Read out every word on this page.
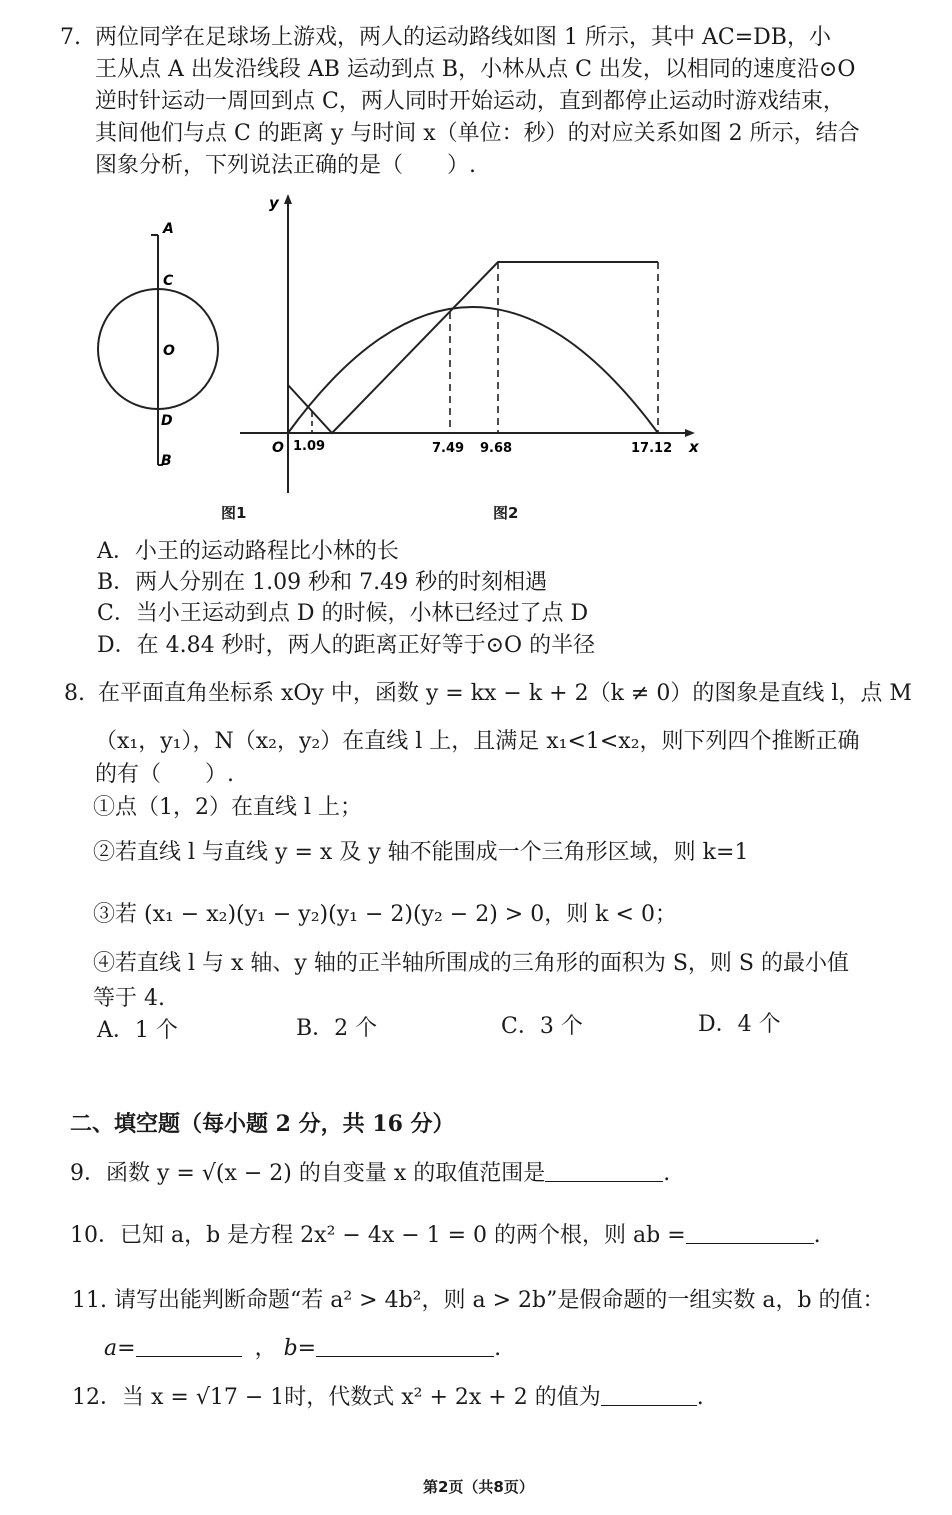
7. 两位同学在足球场上游戏，两人的运动路线如图 1 所示，其中 AC=DB，小
王从点 A 出发沿线段 AB 运动到点 B，小林从点 C 出发，以相同的速度沿⊙O
逆时针运动一周回到点 C，两人同时开始运动，直到都停止运动时游戏结束，
其间他们与点 C 的距离 y 与时间 x（单位：秒）的对应关系如图 2 所示，结合
图象分析，下列说法正确的是（　　）.
A
C
O
D
B
图1
y
x
O 1.09	7.49 9.68	17.12
图2
A．小王的运动路程比小林的长
B．两人分别在 1.09 秒和 7.49 秒的时刻相遇
C．当小王运动到点 D 的时候，小林已经过了点 D
D．在 4.84 秒时，两人的距离正好等于⊙O 的半径
8. 在平面直角坐标系 xOy 中，函数 y = kx − k + 2（k ≠ 0）的图象是直线 l，点 M
（x₁，y₁），N（x₂，y₂）在直线 l 上，且满足 x₁<1<x₂，则下列四个推断正确
的有（　　）.
①点（1，2）在直线 l 上；
②若直线 l 与直线 y = x 及 y 轴不能围成一个三角形区域，则 k=1
③若 (x₁ − x₂)(y₁ − y₂)(y₁ − 2)(y₂ − 2) > 0，则 k < 0；
④若直线 l 与 x 轴、y 轴的正半轴所围成的三角形的面积为 S，则 S 的最小值
等于 4.
A．1 个	B．2 个	C．3 个	D．4 个
二、填空题（每小题 2 分，共 16 分）
9．函数 y = √(x − 2) 的自变量 x 的取值范围是	.
10．已知 a，b 是方程 2x² − 4x − 1 = 0 的两个根，则 ab =	.
11. 请写出能判断命题“若 a² > 4b²，则 a > 2b”是假命题的一组实数 a，b 的值：
a=	， b=	.
12．当 x = √17 − 1时，代数式 x² + 2x + 2 的值为	.
第2页（共8页）
